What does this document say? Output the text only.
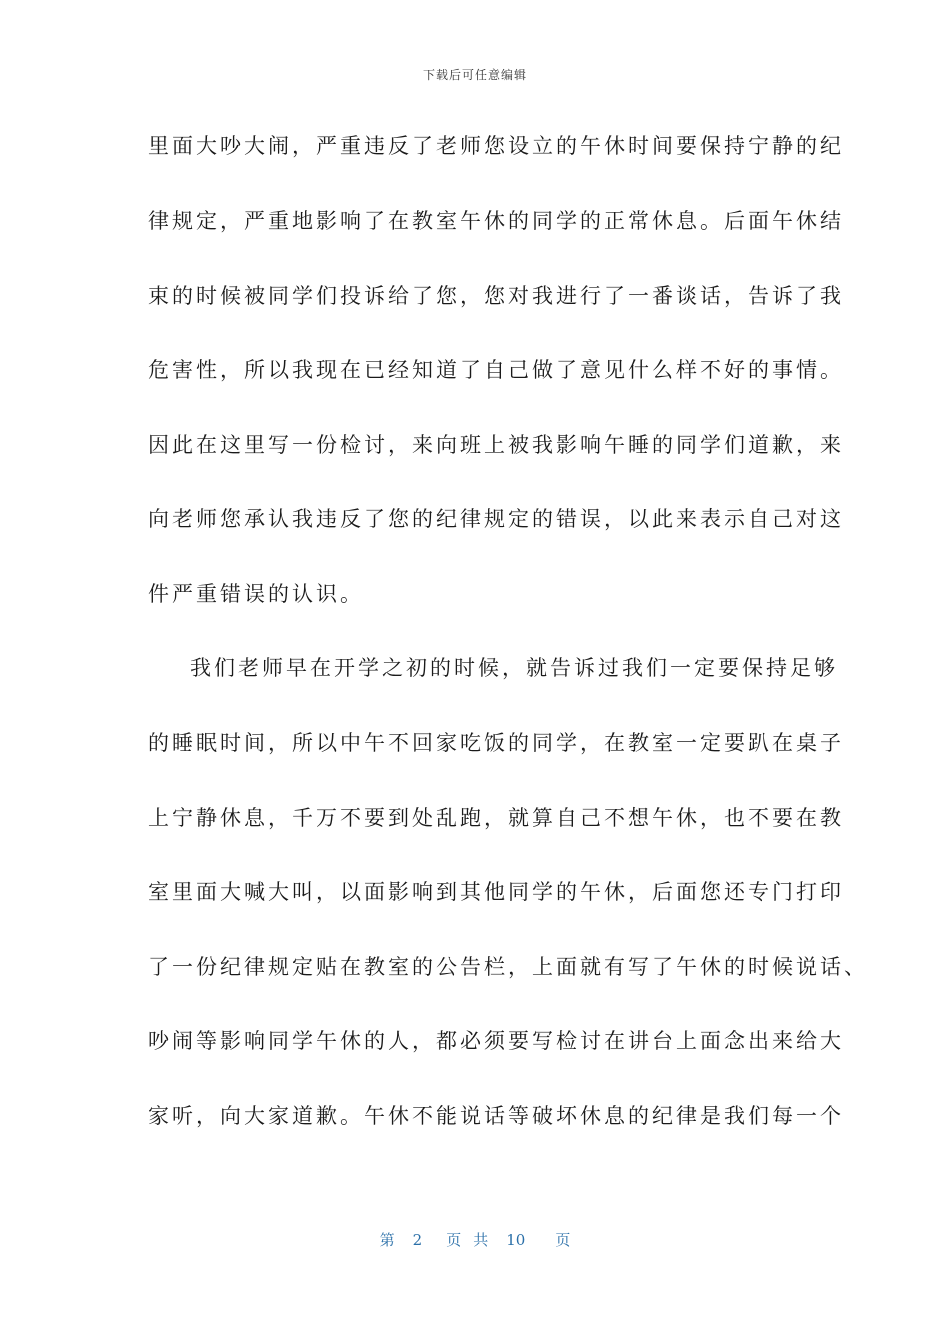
下载后可任意编辑
里面大吵大闹，严重违反了老师您设立的午休时间要保持宁静的纪
律规定，严重地影响了在教室午休的同学的正常休息。后面午休结
束的时候被同学们投诉给了您，您对我进行了一番谈话，告诉了我
危害性，所以我现在已经知道了自己做了意见什么样不好的事情。
因此在这里写一份检讨，来向班上被我影响午睡的同学们道歉，来
向老师您承认我违反了您的纪律规定的错误，以此来表示自己对这
件严重错误的认识。
我们老师早在开学之初的时候，就告诉过我们一定要保持足够
的睡眠时间，所以中午不回家吃饭的同学，在教室一定要趴在桌子
上宁静休息，千万不要到处乱跑，就算自己不想午休，也不要在教
室里面大喊大叫，以面影响到其他同学的午休，后面您还专门打印
了一份纪律规定贴在教室的公告栏，上面就有写了午休的时候说话、
吵闹等影响同学午休的人，都必须要写检讨在讲台上面念出来给大
家听，向大家道歉。午休不能说话等破坏休息的纪律是我们每一个
第 2 页 共 10 页
